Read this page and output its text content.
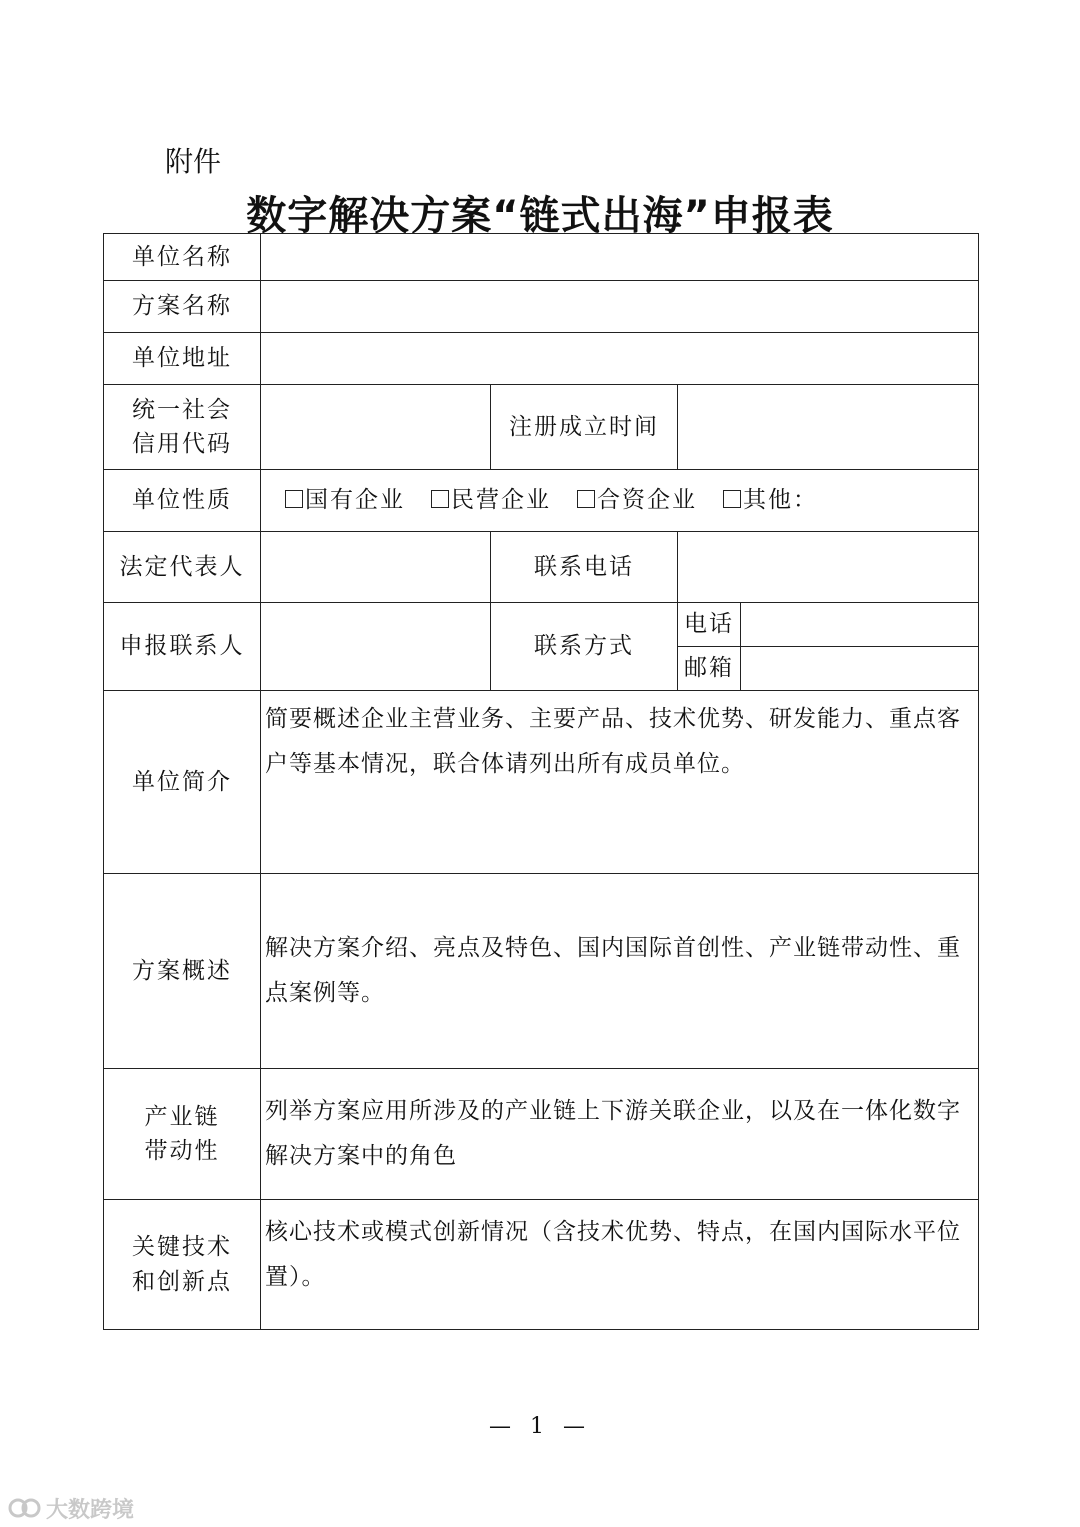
附件
数字解决方案“链式出海”申报表
单位名称				
方案名称				
单位地址				

统一社会
信用代码		注册成立时间		
单位性质	国有企业 民营企业 合资企业 其他：			
法定代表人		联系电话		
申报联系人		联系方式	电话	
			邮箱	
单位简介	简要概述企业主营业务、主要产品、技术优势、研发能力、重点客户等基本情况，联合体请列出所有成员单位。			
方案概述	解决方案介绍、亮点及特色、国内国际首创性、产业链带动性、重点案例等。			

产业链
带动性	列举方案应用所涉及的产业链上下游关联企业，以及在一体化数字解决方案中的角色			

关键技术
和创新点	核心技术或模式创新情况（含技术优势、特点，在国内国际水平位置）。			
— 1 —
大数跨境
